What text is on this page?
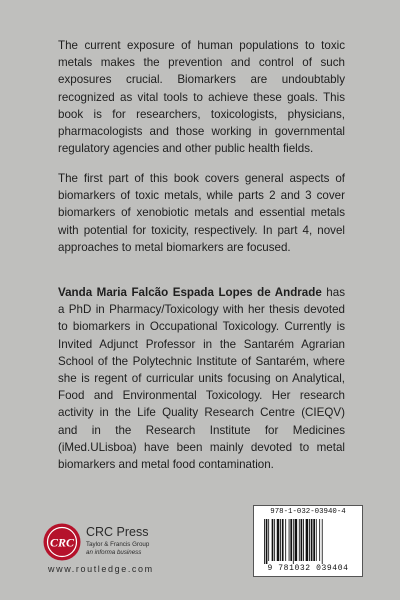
The current exposure of human populations to toxic metals makes the prevention and control of such exposures crucial. Biomarkers are undoubtably recognized as vital tools to achieve these goals. This book is for researchers, toxicologists, physicians, pharmacologists and those working in governmental regulatory agencies and other public health fields.

The first part of this book covers general aspects of biomarkers of toxic metals, while parts 2 and 3 cover biomarkers of xenobiotic metals and essential metals with potential for toxicity, respectively. In part 4, novel approaches to metal biomarkers are focused.

Vanda Maria Falcão Espada Lopes de Andrade has a PhD in Pharmacy/Toxicology with her thesis devoted to biomarkers in Occupational Toxicology. Currently is Invited Adjunct Professor in the Santarém Agrarian School of the Polytechnic Institute of Santarém, where she is regent of curricular units focusing on Analytical, Food and Environmental Toxicology. Her research activity in the Life Quality Research Centre (CIEQV) and in the Research Institute for Medicines (iMed.ULisboa) have been mainly devoted to metal biomarkers and metal food contamination.

CRC
CRC Press
Taylor & Francis Group
an informa business
www.routledge.com
978-1-032-03940-4
9 781032 039404
